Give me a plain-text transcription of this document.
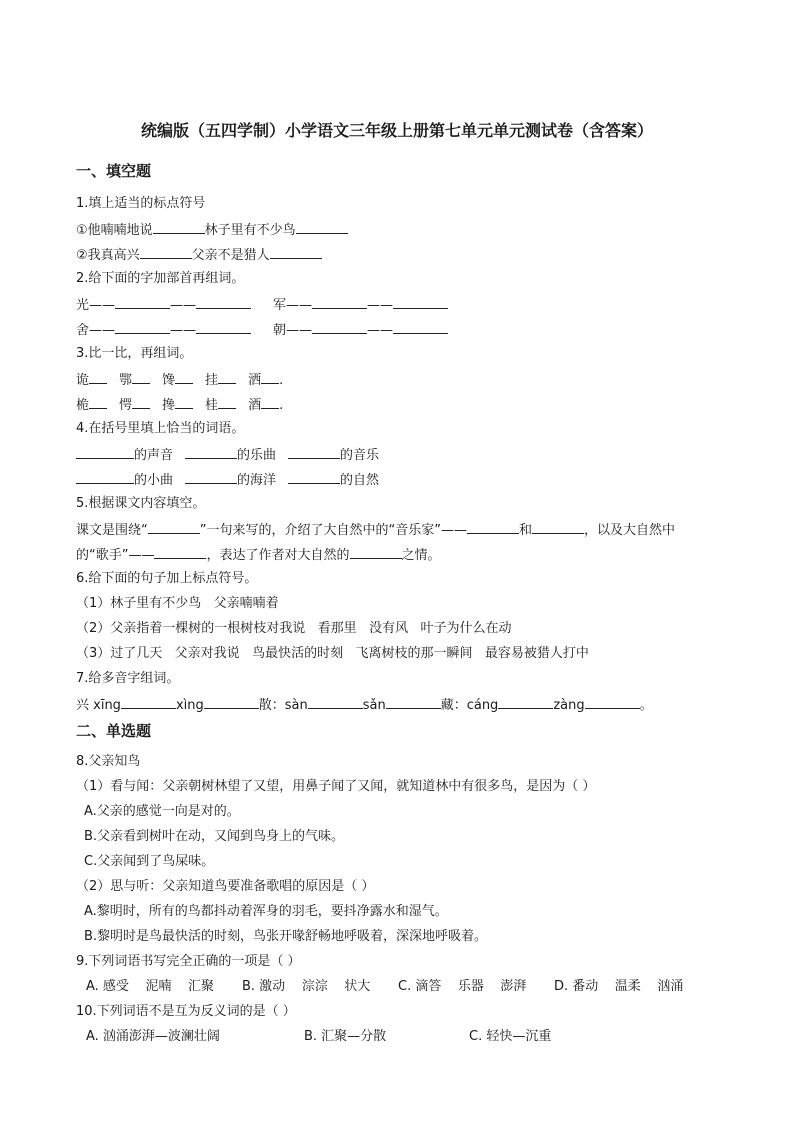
统编版（五四学制）小学语文三年级上册第七单元单元测试卷（含答案）
一、填空题
1.填上适当的标点符号
①他喃喃地说	林子里有不少鸟
②我真高兴	父亲不是猎人
2.给下面的字加部首再组词。
光——	——	军——	——
舍——	——	朝——	——
3.比一比，再组词。
诡 鄂 馋 挂 洒 .
桅 愕 搀 桂 酒 .
4.在括号里填上恰当的词语。
的声音	的乐曲	的音乐
的小曲	的海洋	的自然
5.根据课文内容填空。
课文是围绕“	”一句来写的，介绍了大自然中的“音乐家”——	和	，以及大自然中
的“歌手”——	，表达了作者对大自然的	之情。
6.给下面的句子加上标点符号。
（1）林子里有不少鸟   父亲喃喃着
（2）父亲指着一棵树的一根树枝对我说   看那里   没有风   叶子为什么在动
（3）过了几天   父亲对我说   鸟最快活的时刻   飞离树枝的那一瞬间   最容易被猎人打中
7.给多音字组词。
兴 xīng	xìng	散：sàn	sǎn	藏：cáng	zàng	。
二、单选题
8.父亲知鸟
（1）看与闻：父亲朝树林望了又望，用鼻子闻了又闻，就知道林中有很多鸟，是因为（ ）
A.父亲的感觉一向是对的。
B.父亲看到树叶在动，又闻到鸟身上的气味。
C.父亲闻到了鸟屎味。
（2）思与听：父亲知道鸟要准备歌唱的原因是（ ）
A.黎明时，所有的鸟都抖动着浑身的羽毛，要抖净露水和湿气。
B.黎明时是鸟最快活的时刻，鸟张开喙舒畅地呼吸着，深深地呼吸着。
9.下列词语书写完全正确的一项是（ ）
A. 感受    泥喃    汇聚 B. 激动    淙淙    状大 C. 滴答    乐器    澎湃 D. 番动    温柔    汹涌
10.下列词语不是互为反义词的是（ ）
A. 汹涌澎湃—波澜壮阔	B. 汇聚—分散	C. 轻快—沉重
